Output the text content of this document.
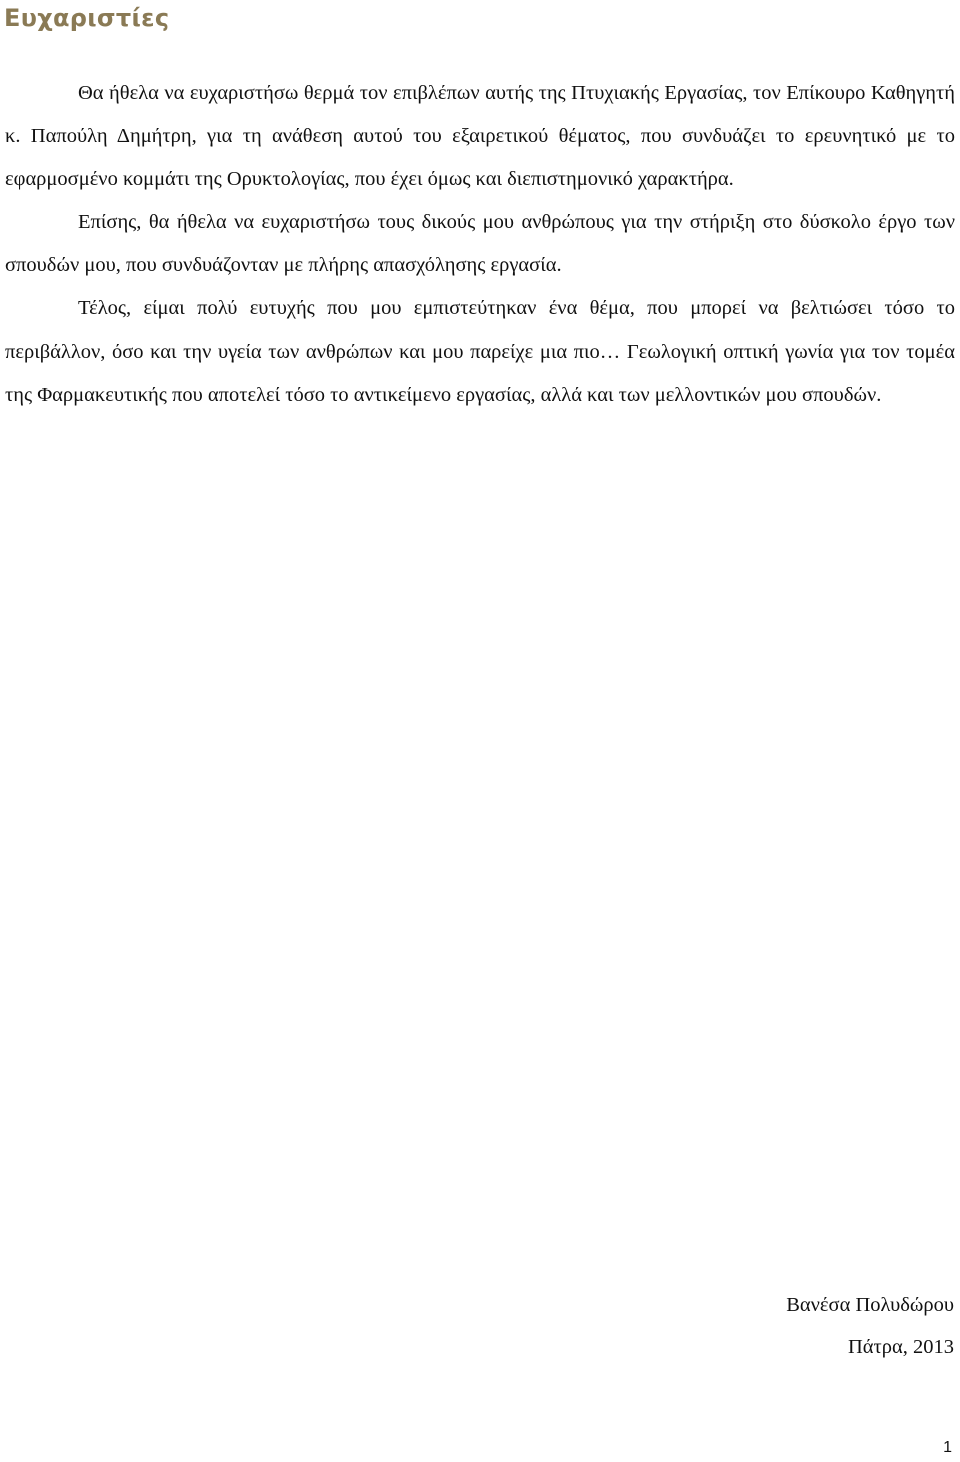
Ευχαριστίες

Θα ήθελα να ευχαριστήσω θερμά τον επιβλέπων αυτής της Πτυχιακής Εργασίας, τον Επίκουρο Καθηγητή κ. Παπούλη Δημήτρη, για τη ανάθεση αυτού του εξαιρετικού θέματος, που συνδυάζει το ερευνητικό με το εφαρμοσμένο κομμάτι της Ορυκτολογίας, που έχει όμως και διεπιστημονικό χαρακτήρα.

Επίσης, θα ήθελα να ευχαριστήσω τους δικούς μου ανθρώπους για την στήριξη στο δύσκολο έργο των σπουδών μου, που συνδυάζονταν με πλήρης απασχόλησης εργασία.

Τέλος, είμαι πολύ ευτυχής που μου εμπιστεύτηκαν ένα θέμα, που μπορεί να βελτιώσει τόσο το περιβάλλον, όσο και την υγεία των ανθρώπων και μου παρείχε μια πιο… Γεωλογική οπτική γωνία για τον τομέα της Φαρμακευτικής που αποτελεί τόσο το αντικείμενο εργασίας, αλλά και των μελλοντικών μου σπουδών.

Βανέσα Πολυδώρου
Πάτρα, 2013
1
